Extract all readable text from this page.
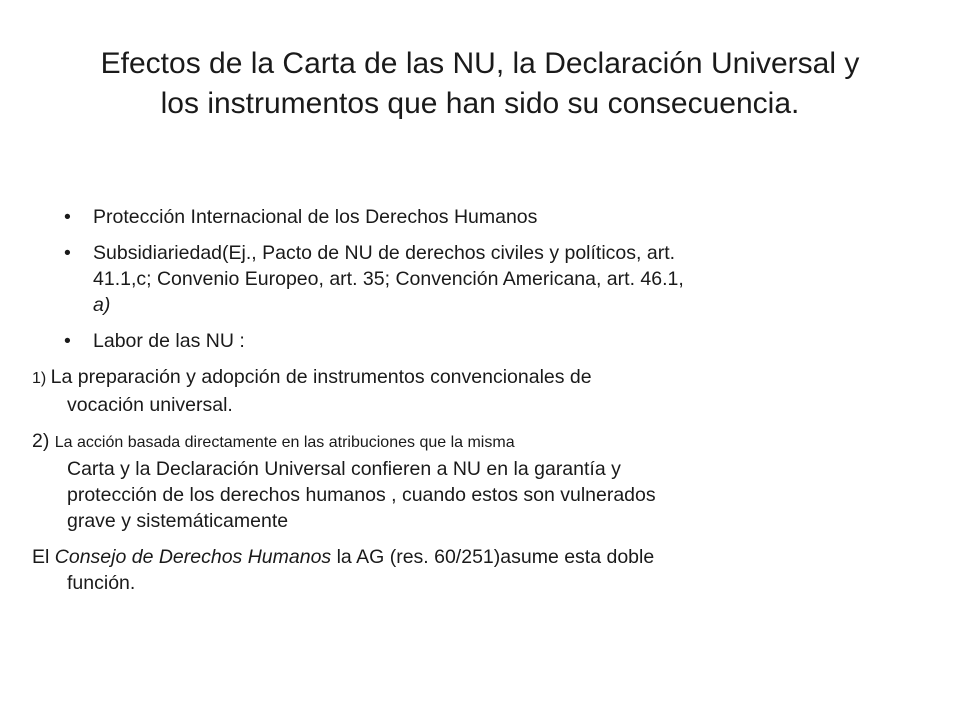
Efectos de la Carta de las NU, la Declaración Universal y
los instrumentos que han sido su consecuencia.
• Protección Internacional de los Derechos Humanos
• Subsidiariedad(Ej., Pacto de NU de derechos civiles y políticos, art.
41.1,c; Convenio Europeo, art. 35; Convención Americana, art. 46.1,
a)
• Labor de las NU :
1) La preparación y adopción de instrumentos convencionales de
vocación universal.
2) La acción basada directamente en las atribuciones que la misma
Carta y la Declaración Universal confieren a NU en la garantía y
protección de los derechos humanos , cuando estos son vulnerados
grave y sistemáticamente
El Consejo de Derechos Humanos la AG (res. 60/251)asume esta doble
función.
